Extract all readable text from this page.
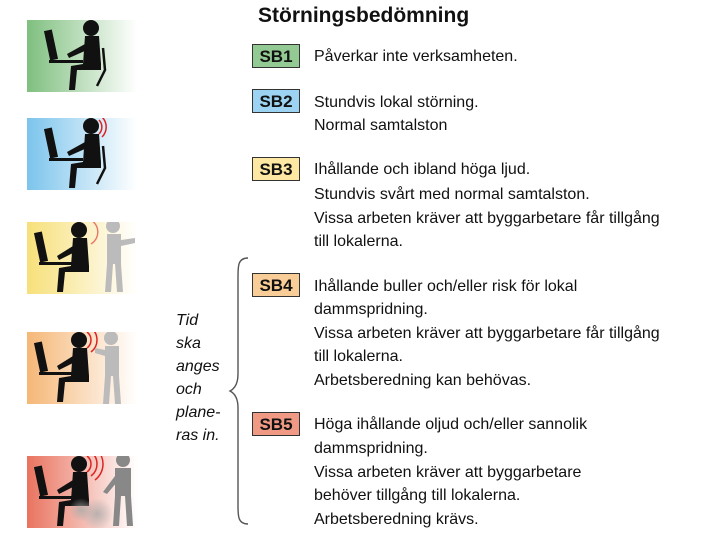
Störningsbedömning
SB1
SB2
SB3
SB4
SB5
Påverkar inte verksamheten.
Stundvis lokal störning.
Normal samtalston
Ihållande och ibland höga ljud.
Stundvis svårt med normal samtalston.
Vissa arbeten kräver att byggarbetare får tillgång
till lokalerna.
Ihållande buller och/eller risk för lokal
dammspridning.
Vissa arbeten kräver att byggarbetare får tillgång
till lokalerna.
Arbetsberedning kan behövas.
Höga ihållande oljud och/eller sannolik
dammspridning.
Vissa arbeten kräver att byggarbetare
behöver tillgång till lokalerna.
Arbetsberedning krävs.
Tid
ska
anges
och
plane-
ras in.
